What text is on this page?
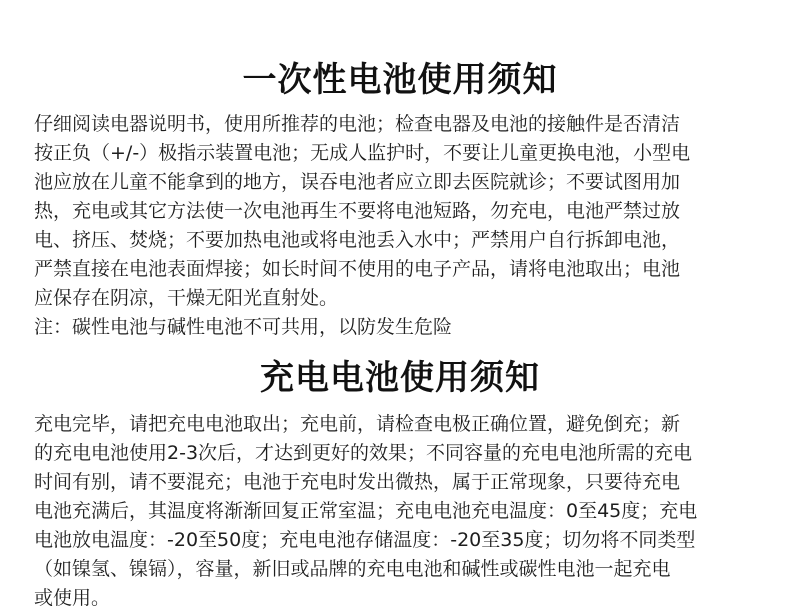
一次性电池使用须知
仔细阅读电器说明书，使用所推荐的电池；检查电器及电池的接触件是否清洁
按正负（+/-）极指示装置电池；无成人监护时，不要让儿童更换电池，小型电
池应放在儿童不能拿到的地方，误吞电池者应立即去医院就诊；不要试图用加
热，充电或其它方法使一次电池再生不要将电池短路，勿充电，电池严禁过放
电、挤压、焚烧；不要加热电池或将电池丢入水中；严禁用户自行拆卸电池，
严禁直接在电池表面焊接；如长时间不使用的电子产品，请将电池取出；电池
应保存在阴凉，干燥无阳光直射处。
注：碳性电池与碱性电池不可共用，以防发生危险
充电电池使用须知
充电完毕，请把充电电池取出；充电前，请检查电极正确位置，避免倒充；新
的充电电池使用2-3次后，才达到更好的效果；不同容量的充电电池所需的充电
时间有别，请不要混充；电池于充电时发出微热，属于正常现象，只要待充电
电池充满后，其温度将渐渐回复正常室温；充电电池充电温度：0至45度；充电
电池放电温度：-20至50度；充电电池存储温度：-20至35度；切勿将不同类型
（如镍氢、镍镉），容量，新旧或品牌的充电电池和碱性或碳性电池一起充电
或使用。
